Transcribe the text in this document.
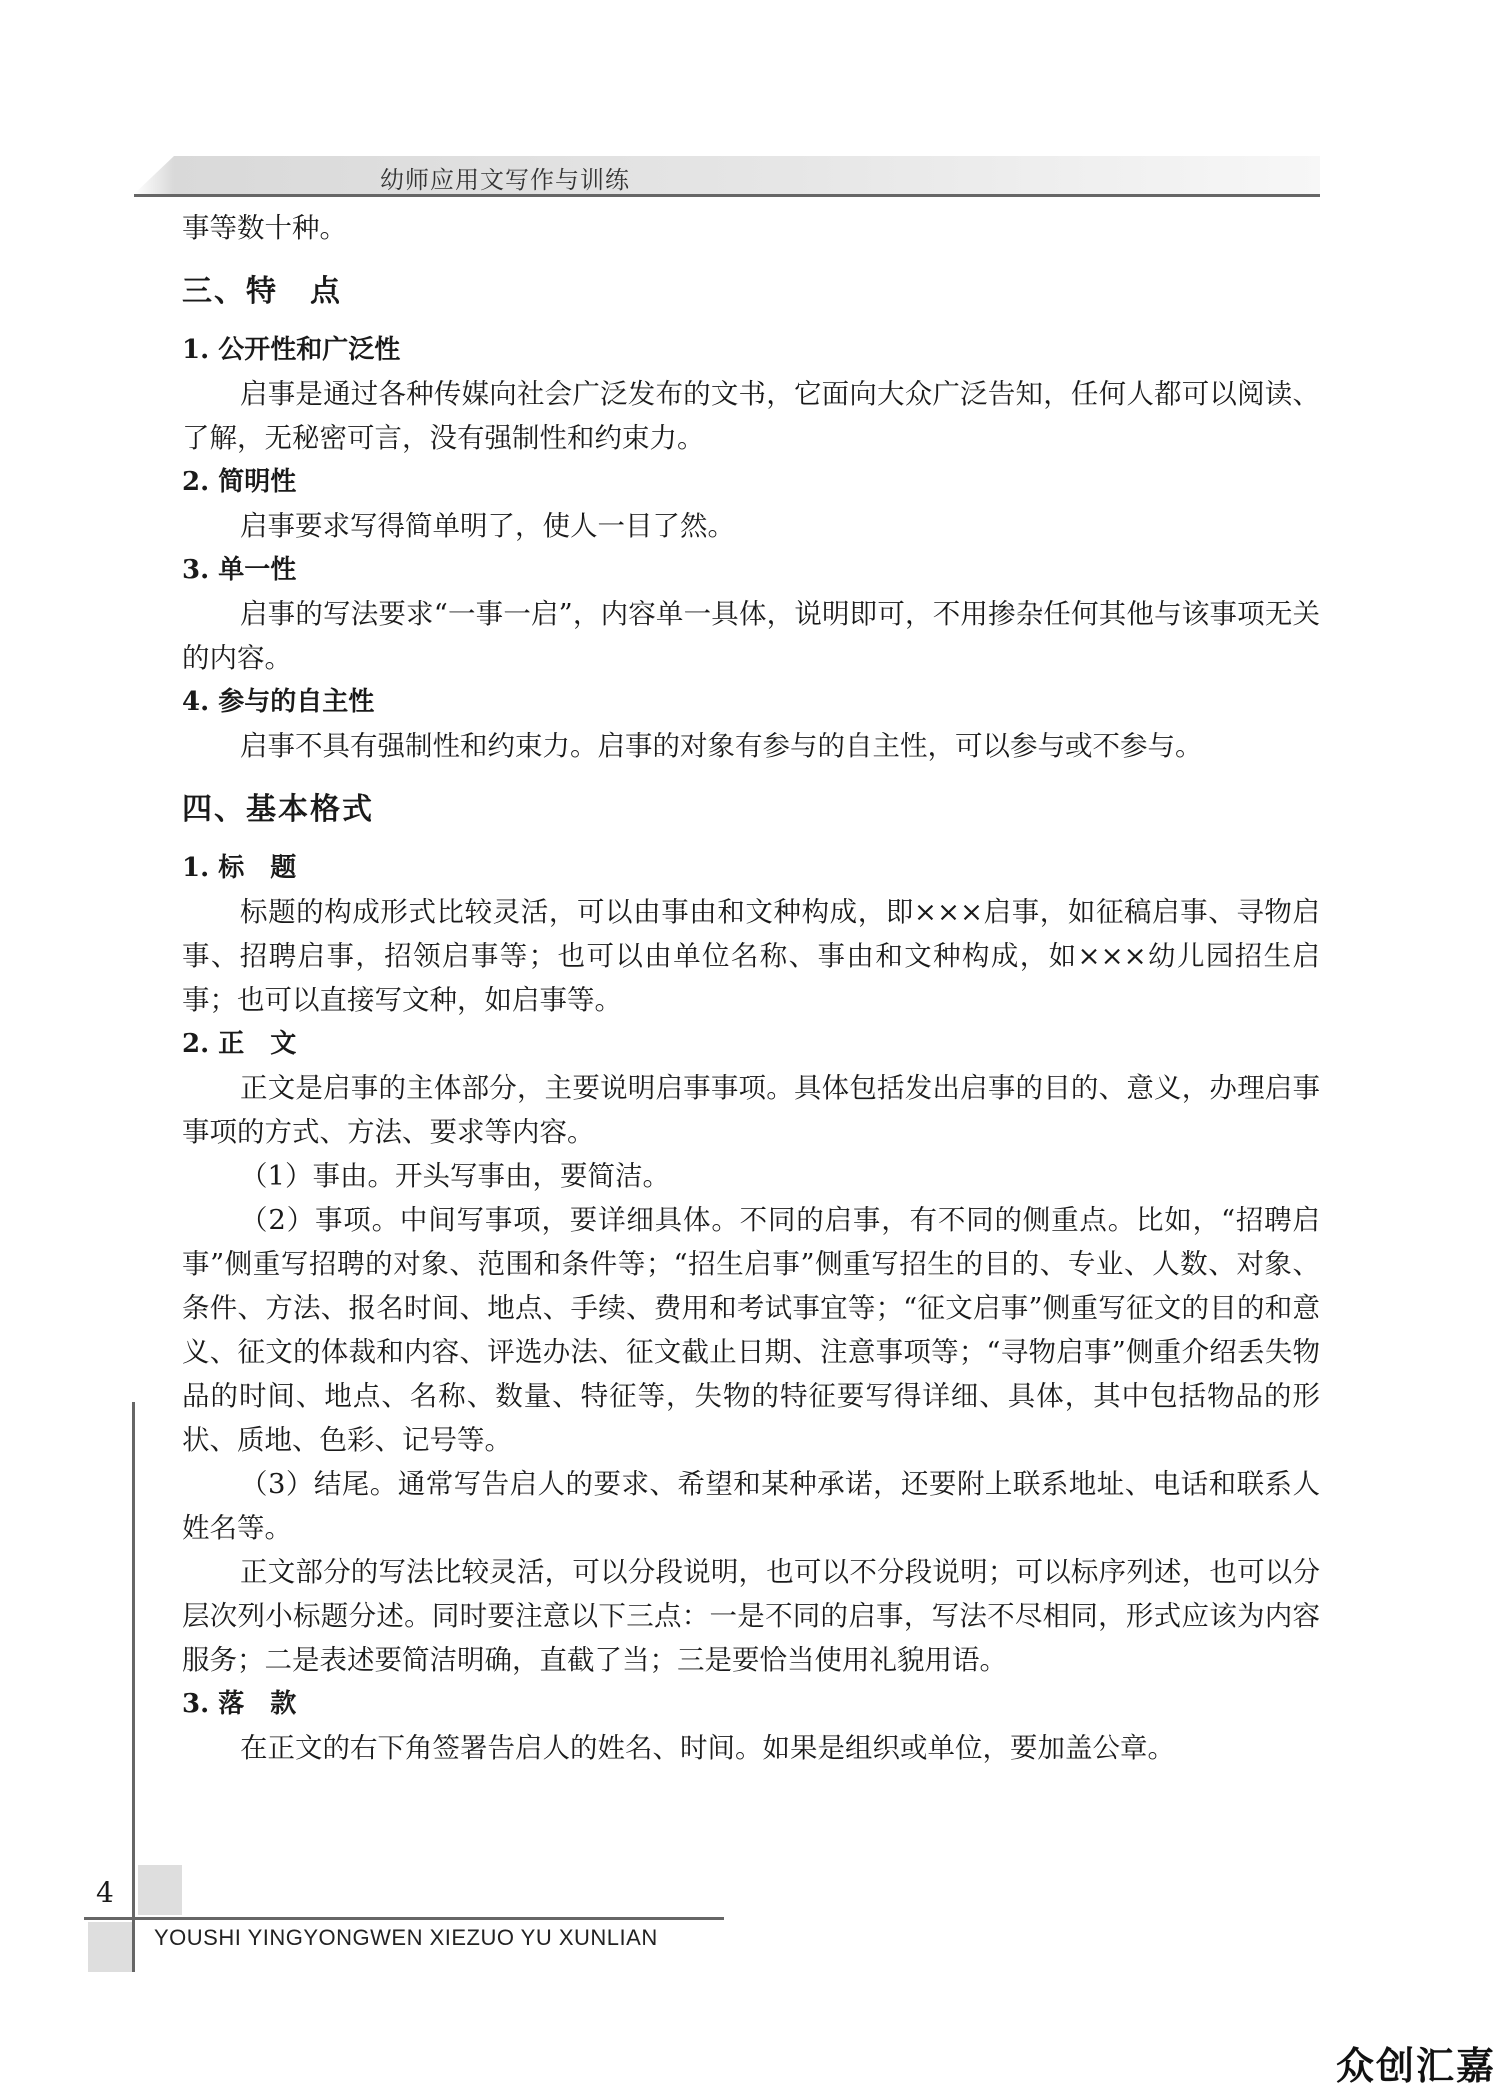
幼师应用文写作与训练

事等数十种。

三、特　点

1. 公开性和广泛性

启事是通过各种传媒向社会广泛发布的文书，它面向大众广泛告知，任何人都可以阅读、了解，无秘密可言，没有强制性和约束力。

2. 简明性

启事要求写得简单明了，使人一目了然。

3. 单一性

启事的写法要求“一事一启”，内容单一具体，说明即可，不用掺杂任何其他与该事项无关的内容。

4. 参与的自主性

启事不具有强制性和约束力。启事的对象有参与的自主性，可以参与或不参与。

四、基本格式

1. 标　题

标题的构成形式比较灵活，可以由事由和文种构成，即×××启事，如征稿启事、寻物启事、招聘启事，招领启事等；也可以由单位名称、事由和文种构成，如×××幼儿园招生启事；也可以直接写文种，如启事等。

2. 正　文

正文是启事的主体部分，主要说明启事事项。具体包括发出启事的目的、意义，办理启事事项的方式、方法、要求等内容。

（1）事由。开头写事由，要简洁。

（2）事项。中间写事项，要详细具体。不同的启事，有不同的侧重点。比如，“招聘启事”侧重写招聘的对象、范围和条件等；“招生启事”侧重写招生的目的、专业、人数、对象、条件、方法、报名时间、地点、手续、费用和考试事宜等；“征文启事”侧重写征文的目的和意义、征文的体裁和内容、评选办法、征文截止日期、注意事项等；“寻物启事”侧重介绍丢失物品的时间、地点、名称、数量、特征等，失物的特征要写得详细、具体，其中包括物品的形状、质地、色彩、记号等。

（3）结尾。通常写告启人的要求、希望和某种承诺，还要附上联系地址、电话和联系人姓名等。

正文部分的写法比较灵活，可以分段说明，也可以不分段说明；可以标序列述，也可以分层次列小标题分述。同时要注意以下三点：一是不同的启事，写法不尽相同，形式应该为内容服务；二是表述要简洁明确，直截了当；三是要恰当使用礼貌用语。

3. 落　款

在正文的右下角签署告启人的姓名、时间。如果是组织或单位，要加盖公章。

4
YOUSHI YINGYONGWEN XIEZUO YU XUNLIAN
众创汇嘉
